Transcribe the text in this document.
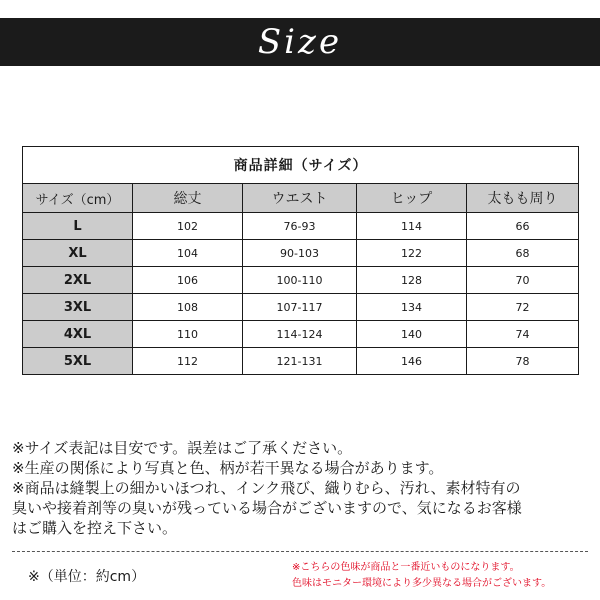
Size
商品詳細（サイズ）				
サイズ（cm）	総丈	ウエスト	ヒップ	太もも周り
L	102	76-93	114	66
XL	104	90-103	122	68
2XL	106	100-110	128	70
3XL	108	107-117	134	72
4XL	110	114-124	140	74
5XL	112	121-131	146	78
※サイズ表記は目安です。誤差はご了承ください。
※生産の関係により写真と色、柄が若干異なる場合があります。
※商品は縫製上の細かいほつれ、インク飛び、織りむら、汚れ、素材特有の
臭いや接着剤等の臭いが残っている場合がございますので、気になるお客様
はご購入を控え下さい。
※（単位：約cm）
※こちらの色味が商品と一番近いものになります。
色味はモニター環境により多少異なる場合がございます。
